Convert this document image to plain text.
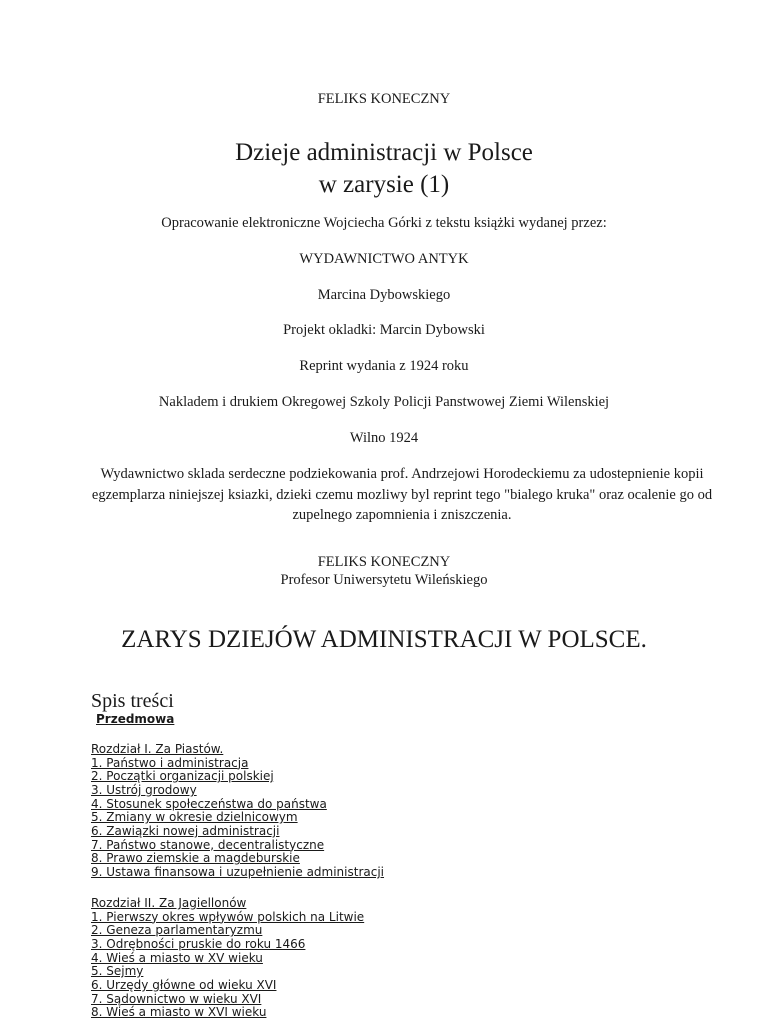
FELIKS KONECZNY
Dzieje administracji w Polsce
w zarysie (1)
Opracowanie elektroniczne Wojciecha Górki z tekstu książki wydanej przez:
WYDAWNICTWO ANTYK
Marcina Dybowskiego
Projekt okladki: Marcin Dybowski
Reprint wydania z 1924 roku
Nakladem i drukiem Okregowej Szkoly Policji Panstwowej Ziemi Wilenskiej
Wilno 1924
Wydawnictwo sklada serdeczne podziekowania prof. Andrzejowi Horodeckiemu za udostepnienie kopii egzemplarza niniejszej ksiazki, dzieki czemu mozliwy byl reprint tego "bialego kruka" oraz ocalenie go od zupelnego zapomnienia i zniszczenia.
FELIKS KONECZNY
Profesor Uniwersytetu Wileńskiego
ZARYS DZIEJÓW ADMINISTRACJI W POLSCE.
Spis treści
Przedmowa
Rozdział I. Za Piastów.
1. Państwo i administracja
2. Początki organizacji polskiej
3. Ustrój grodowy
4. Stosunek społeczeństwa do państwa
5. Zmiany w okresie dzielnicowym
6. Zawiązki nowej administracji
7. Państwo stanowe, decentralistyczne
8. Prawo ziemskie a magdeburskie
9. Ustawa finansowa i uzupełnienie administracji
Rozdział II. Za Jagiellonów
1. Pierwszy okres wpływów polskich na Litwie
2. Geneza parlamentaryzmu
3. Odrębności pruskie do roku 1466
4. Wieś a miasto w XV wieku
5. Sejmy
6. Urzędy główne od wieku XVI
7. Sądownictwo w wieku XVI
8. Wieś a miasto w XVI wieku
